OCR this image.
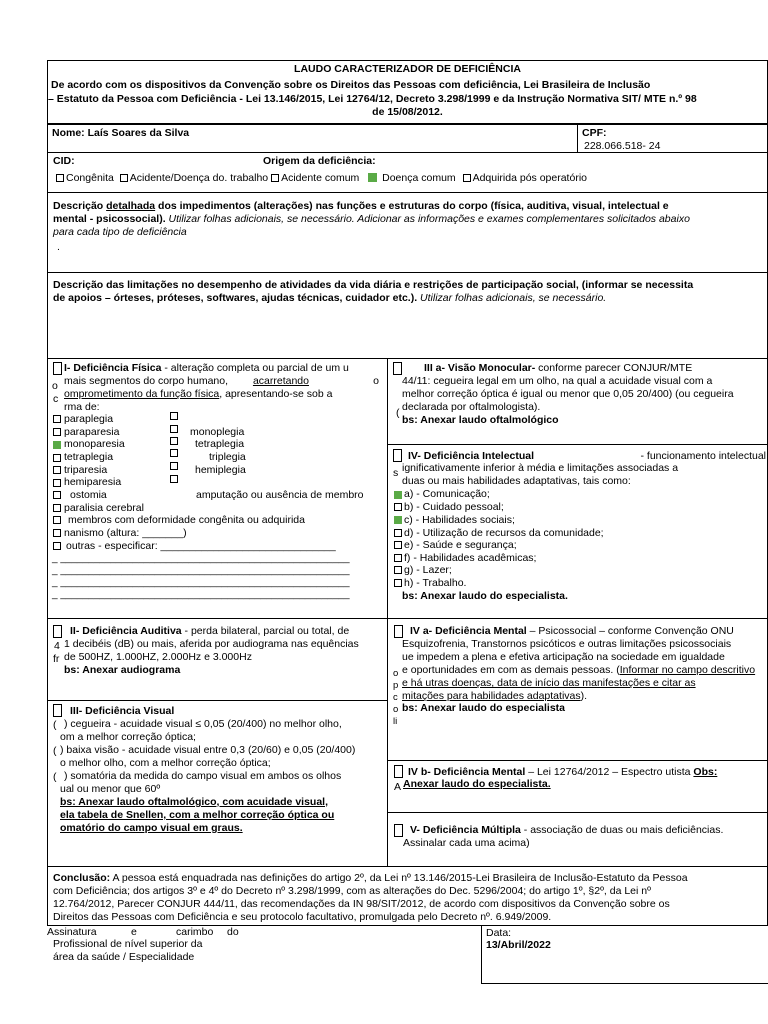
LAUDO CARACTERIZADOR DE DEFICIÊNCIA
De acordo com os dispositivos da Convenção sobre os Direitos das Pessoas com deficiência, Lei Brasileira de Inclusão
– Estatuto da Pessoa com Deficiência - Lei 13.146/2015, Lei 12764/12, Decreto 3.298/1999 e da Instrução Normativa SIT/ MTE n.º 98
de 15/08/2012.
Nome: Laís Soares da Silva	CPF:
228.066.518- 24
CID:	Origem da deficiência:
Congênita Acidente/Doença do. trabalho Acidente comum Doença comum Adquirida pós operatório
Descrição detalhada dos impedimentos (alterações) nas funções e estruturas do corpo (física, auditiva, visual, intelectual e
mental - psicossocial). Utilizar folhas adicionais, se necessário. Adicionar as informações e exames complementares solicitados abaixo
para cada tipo de deficiência
.
Descrição das limitações no desempenho de atividades da vida diária e restrições de participação social, (informar se necessita
de apoios – órteses, próteses, softwares, ajudas técnicas, cuidador etc.). Utilizar folhas adicionais, se necessário.
o
c
I- Deficiência Física - alteração completa ou parcial de um u
mais segmentos do corpo humano, acarretando	o
omprometimento da função física, apresentando-se sob a
rma de:
paraplegia
paraparesia	monoplegia
monoparesia	tetraplegia
tetraplegia	triplegia
triparesia	hemiplegia
hemiparesia
ostomia	amputação ou ausência de membro
paralisia cerebral
membros com deformidade congênita ou adquirida
nanismo (altura: _______)
outras - especificar: ______________________________
_ ____________________________________________________
_ ____________________________________________________
_ ____________________________________________________
_ ____________________________________________________
4
fr
II- Deficiência Auditiva - perda bilateral, parcial ou total, de
1 decibéis (dB) ou mais, aferida por audiograma nas equências
de 500HZ, 1.000HZ, 2.000Hz e 3.000Hz
bs: Anexar audiograma
III- Deficiência Visual
( ) cegueira - acuidade visual ≤ 0,05 (20/400) no melhor olho,
om a melhor correção óptica;
( ) baixa visão - acuidade visual entre 0,3 (20/60) e 0,05 (20/400)
o melhor olho, com a melhor correção óptica;
( ) somatória da medida do campo visual em ambos os olhos
ual ou menor que 60º
bs: Anexar laudo oftalmológico, com acuidade visual,
ela tabela de Snellen, com a melhor correção óptica ou
omatório do campo visual em graus.
III a- Visão Monocular- conforme parecer CONJUR/MTE
44/11: cegueira legal em um olho, na qual a acuidade visual com a
melhor correção óptica é igual ou menor que 0,05 20/400) (ou cegueira
declarada por oftalmologista).
(
bs: Anexar laudo oftalmológico
s
IV- Deficiência Intelectual	- funcionamento intelectual
ignificativamente inferior à média e limitações associadas a
duas ou mais habilidades adaptativas, tais como:
a) - Comunicação;
b) - Cuidado pessoal;
c) - Habilidades sociais;
d) - Utilização de recursos da comunidade;
e) - Saúde e segurança;
f) - Habilidades acadêmicas;
g) - Lazer;
h) - Trabalho.
bs: Anexar laudo do especialista.
IV a- Deficiência Mental – Psicossocial – conforme Convenção ONU
Esquizofrenia, Transtornos psicóticos e outras limitações psicossociais
ue impedem a plena e efetiva articipação na sociedade em igualdade
e oportunidades em com as demais pessoas. (Informar no campo descritivo
e há utras doenças, data de início das manifestações e citar as
mitações para habilidades adaptativas).
bs: Anexar laudo do especialista
o p c o li
A
IV b- Deficiência Mental – Lei 12764/2012 – Espectro utista Obs:
Anexar laudo do especialista.
V- Deficiência Múltipla - associação de duas ou mais deficiências.
Assinalar cada uma acima)
Conclusão: A pessoa está enquadrada nas definições do artigo 2º, da Lei nº 13.146/2015-Lei Brasileira de Inclusão-Estatuto da Pessoa
com Deficiência; dos artigos 3º e 4º do Decreto nº 3.298/1999, com as alterações do Dec. 5296/2004; do artigo 1º, §2º, da Lei nº
12.764/2012, Parecer CONJUR 444/11, das recomendações da IN 98/SIT/2012, de acordo com dispositivos da Convenção sobre os
Direitos das Pessoas com Deficiência e seu protocolo facultativo, promulgada pelo Decreto nº. 6.949/2009.
Assinatura	e	carimbo do
Profissional de nível superior da
área da saúde / Especialidade
Data:
13/Abril/2022
